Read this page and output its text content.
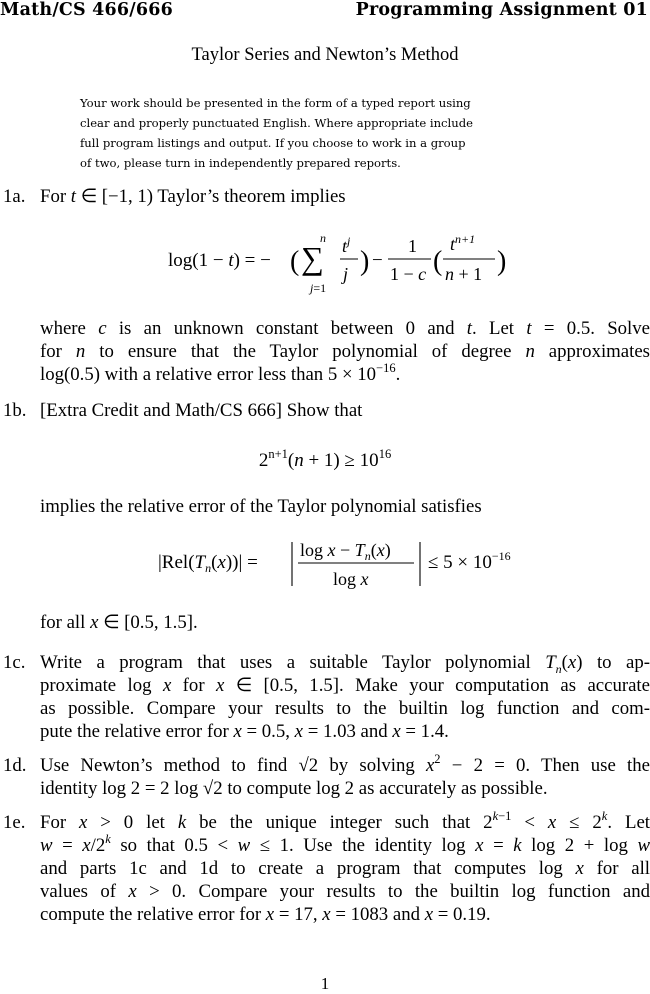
Math/CS 466/666	Programming Assignment 01
Taylor Series and Newton’s Method
Your work should be presented in the form of a typed report using
clear and properly punctuated English. Where appropriate include
full program listings and output. If you choose to work in a group
of two, please turn in independently prepared reports.
1a. For t ∈ [−1, 1) Taylor’s theorem implies
log(1 − t) = − ( ∑
n
j=1
$t^j$
j ) −
1
1 − c (
$t^{n+1}$
n + 1 )
where c is an unknown constant between 0 and t. Let t = 0.5. Solve
for n to ensure that the Taylor polynomial of degree n approximates
log(0.5) with a relative error less than $5 \times 10^{-16}$.
1b. [Extra Credit and Math/CS 666] Show that
$2^{n+1}(n + 1) \ge 10^{16}$
implies the relative error of the Taylor polynomial satisfies
$|Rel(T_n(x))|$ =
$\log x - T_n(x)$
log x
≤ $5 \times 10^{-16}$
for all x ∈ [0.5, 1.5].
1c. Write a program that uses a suitable Taylor polynomial $T_n(x)$ to ap-
proximate log x for x ∈ [0.5, 1.5]. Make your computation as accurate
as possible. Compare your results to the builtin log function and com-
pute the relative error for x = 0.5, x = 1.03 and x = 1.4.
1d. Use Newton’s method to find √2 by solving $x^2 - 2 = 0$. Then use the
identity log 2 = 2 log √2 to compute log 2 as accurately as possible.
1e. For x > 0 let k be the unique integer such that $2^{k-1} < x \le 2^k$. Let
$w = x/2^k$ so that 0.5 < w ≤ 1. Use the identity log x = k log 2 + log w
and parts 1c and 1d to create a program that computes log x for all
values of x > 0. Compare your results to the builtin log function and
compute the relative error for x = 17, x = 1083 and x = 0.19.
1
